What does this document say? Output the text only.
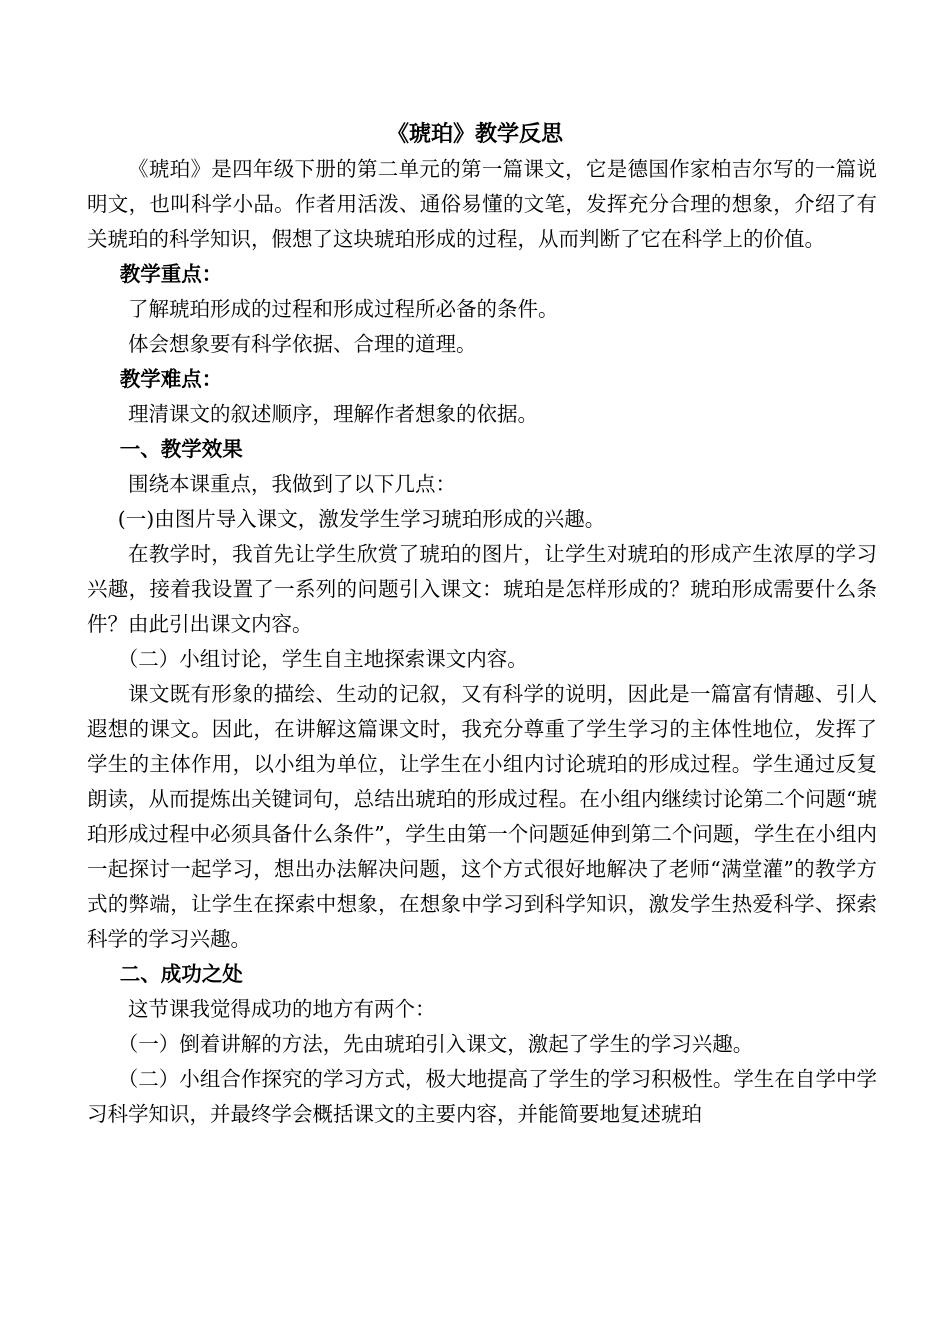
《琥珀》教学反思

《琥珀》是四年级下册的第二单元的第一篇课文，它是德国作家柏吉尔写的一篇说明文，也叫科学小品。作者用活泼、通俗易懂的文笔，发挥充分合理的想象，介绍了有关琥珀的科学知识，假想了这块琥珀形成的过程，从而判断了它在科学上的价值。

教学重点：

了解琥珀形成的过程和形成过程所必备的条件。

体会想象要有科学依据、合理的道理。

教学难点：

理清课文的叙述顺序，理解作者想象的依据。

一、教学效果

围绕本课重点，我做到了以下几点：

(一)由图片导入课文，激发学生学习琥珀形成的兴趣。

在教学时，我首先让学生欣赏了琥珀的图片，让学生对琥珀的形成产生浓厚的学习兴趣，接着我设置了一系列的问题引入课文：琥珀是怎样形成的？琥珀形成需要什么条件？由此引出课文内容。

（二）小组讨论，学生自主地探索课文内容。

课文既有形象的描绘、生动的记叙，又有科学的说明，因此是一篇富有情趣、引人遐想的课文。因此，在讲解这篇课文时，我充分尊重了学生学习的主体性地位，发挥了学生的主体作用，以小组为单位，让学生在小组内讨论琥珀的形成过程。学生通过反复朗读，从而提炼出关键词句，总结出琥珀的形成过程。在小组内继续讨论第二个问题“琥珀形成过程中必须具备什么条件”，学生由第一个问题延伸到第二个问题，学生在小组内一起探讨一起学习，想出办法解决问题，这个方式很好地解决了老师“满堂灌”的教学方式的弊端，让学生在探索中想象，在想象中学习到科学知识，激发学生热爱科学、探索科学的学习兴趣。

二、成功之处

这节课我觉得成功的地方有两个：

（一）倒着讲解的方法，先由琥珀引入课文，激起了学生的学习兴趣。

（二）小组合作探究的学习方式，极大地提高了学生的学习积极性。学生在自学中学习科学知识，并最终学会概括课文的主要内容，并能简要地复述琥珀
